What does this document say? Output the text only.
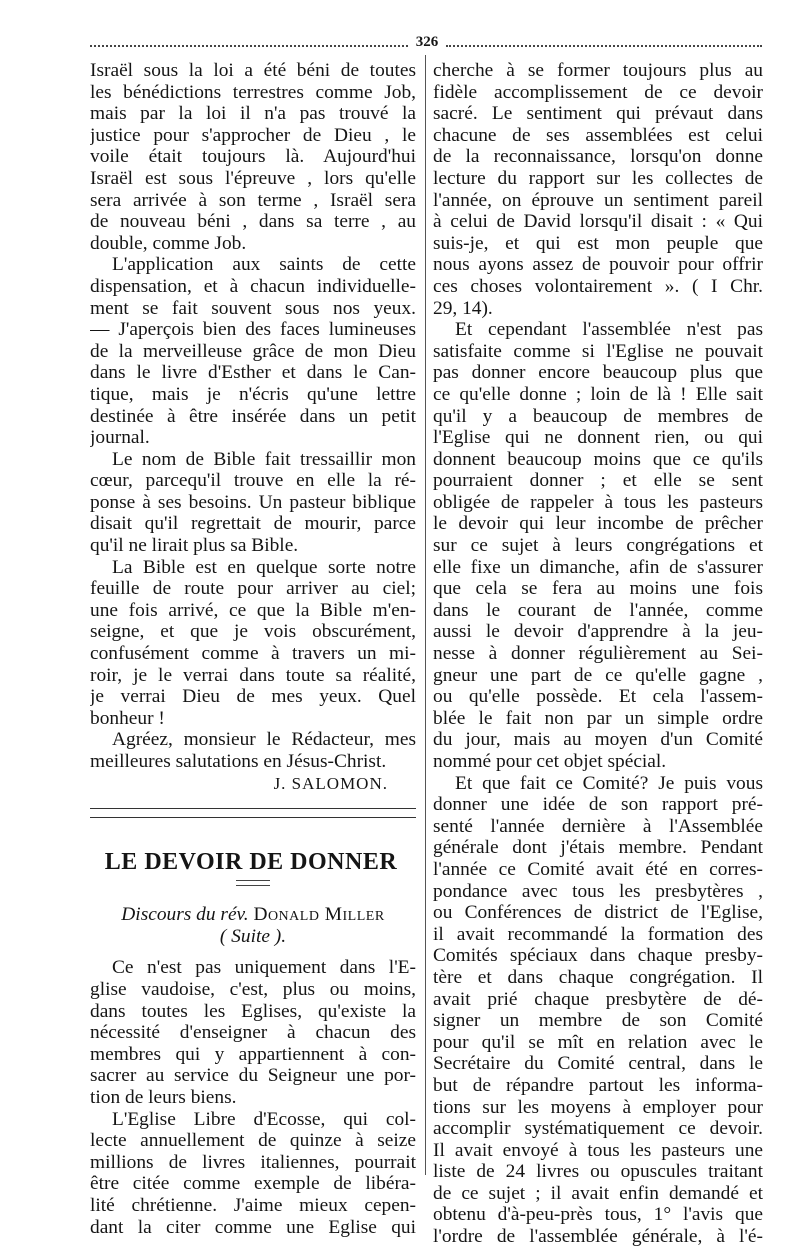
326
Israël sous la loi a été béni de toutes
les bénédictions terrestres comme Job,
mais par la loi il n'a pas trouvé la
justice pour s'approcher de Dieu , le
voile était toujours là. Aujourd'hui
Israël est sous l'épreuve , lors qu'elle
sera arrivée à son terme , Israël sera
de nouveau béni , dans sa terre , au
double, comme Job.
L'application aux saints de cette
dispensation, et à chacun individuelle-
ment se fait souvent sous nos yeux.
— J'aperçois bien des faces lumineuses
de la merveilleuse grâce de mon Dieu
dans le livre d'Esther et dans le Can-
tique, mais je n'écris qu'une lettre
destinée à être insérée dans un petit
journal.
Le nom de Bible fait tressaillir mon
cœur, parcequ'il trouve en elle la ré-
ponse à ses besoins. Un pasteur biblique
disait qu'il regrettait de mourir, parce
qu'il ne lirait plus sa Bible.
La Bible est en quelque sorte notre
feuille de route pour arriver au ciel;
une fois arrivé, ce que la Bible m'en-
seigne, et que je vois obscurément,
confusément comme à travers un mi-
roir, je le verrai dans toute sa réalité,
je verrai Dieu de mes yeux. Quel
bonheur !
Agréez, monsieur le Rédacteur, mes
meilleures salutations en Jésus-Christ.
J. SALOMON.
LE DEVOIR DE DONNER
Discours du rév. Donald Miller
( Suite ).
Ce n'est pas uniquement dans l'E-
glise vaudoise, c'est, plus ou moins,
dans toutes les Eglises, qu'existe la
nécessité d'enseigner à chacun des
membres qui y appartiennent à con-
sacrer au service du Seigneur une por-
tion de leurs biens.
L'Eglise Libre d'Ecosse, qui col-
lecte annuellement de quinze à seize
millions de livres italiennes, pourrait
être citée comme exemple de libéra-
lité chrétienne. J'aime mieux cepen-
dant la citer comme une Eglise qui
cherche à se former toujours plus au
fidèle accomplissement de ce devoir
sacré. Le sentiment qui prévaut dans
chacune de ses assemblées est celui
de la reconnaissance, lorsqu'on donne
lecture du rapport sur les collectes de
l'année, on éprouve un sentiment pareil
à celui de David lorsqu'il disait : « Qui
suis-je, et qui est mon peuple que
nous ayons assez de pouvoir pour offrir
ces choses volontairement ». ( I Chr.
29, 14).
Et cependant l'assemblée n'est pas
satisfaite comme si l'Eglise ne pouvait
pas donner encore beaucoup plus que
ce qu'elle donne ; loin de là ! Elle sait
qu'il y a beaucoup de membres de
l'Eglise qui ne donnent rien, ou qui
donnent beaucoup moins que ce qu'ils
pourraient donner ; et elle se sent
obligée de rappeler à tous les pasteurs
le devoir qui leur incombe de prêcher
sur ce sujet à leurs congrégations et
elle fixe un dimanche, afin de s'assurer
que cela se fera au moins une fois
dans le courant de l'année, comme
aussi le devoir d'apprendre à la jeu-
nesse à donner régulièrement au Sei-
gneur une part de ce qu'elle gagne ,
ou qu'elle possède. Et cela l'assem-
blée le fait non par un simple ordre
du jour, mais au moyen d'un Comité
nommé pour cet objet spécial.
Et que fait ce Comité? Je puis vous
donner une idée de son rapport pré-
senté l'année dernière à l'Assemblée
générale dont j'étais membre. Pendant
l'année ce Comité avait été en corres-
pondance avec tous les presbytères ,
ou Conférences de district de l'Eglise,
il avait recommandé la formation des
Comités spéciaux dans chaque presby-
tère et dans chaque congrégation. Il
avait prié chaque presbytère de dé-
signer un membre de son Comité
pour qu'il se mît en relation avec le
Secrétaire du Comité central, dans le
but de répandre partout les informa-
tions sur les moyens à employer pour
accomplir systématiquement ce devoir.
Il avait envoyé à tous les pasteurs une
liste de 24 livres ou opuscules traitant
de ce sujet ; il avait enfin demandé et
obtenu d'à-peu-près tous, 1° l'avis que
l'ordre de l'assemblée générale, à l'é-
